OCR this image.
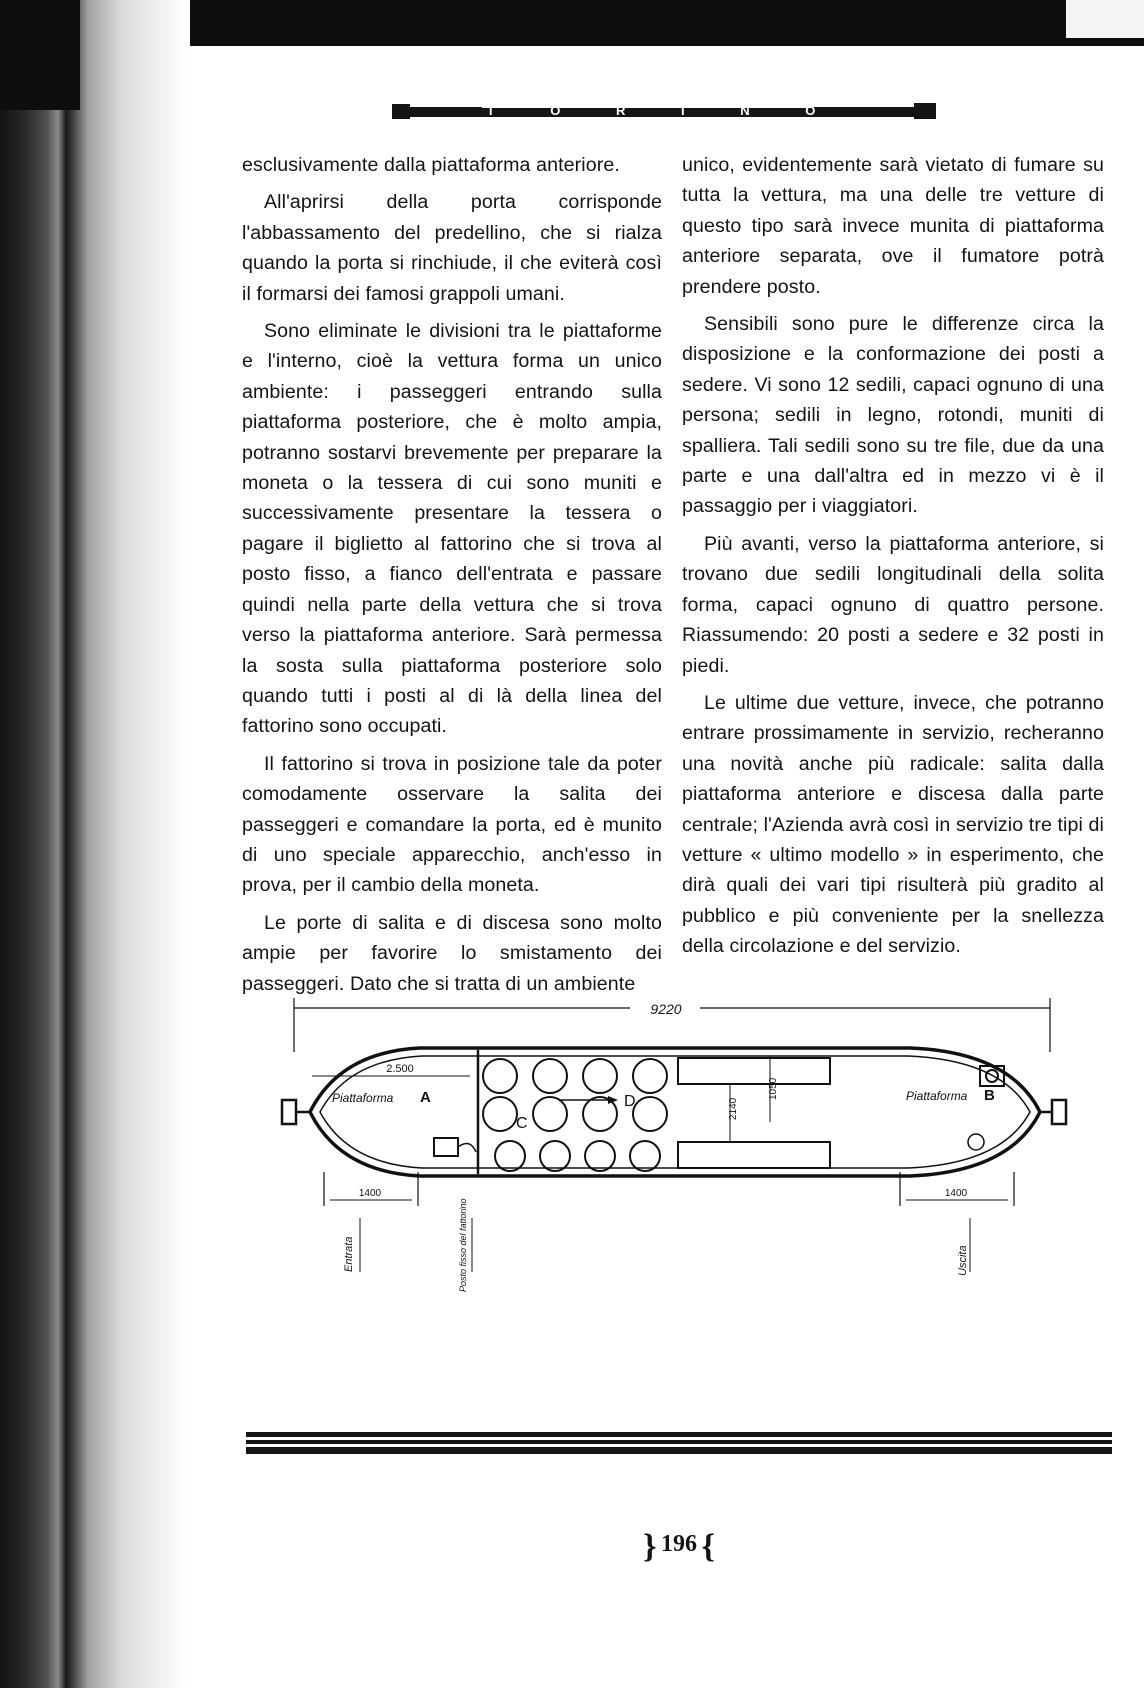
T O R I N O

esclusivamente dalla piattaforma anteriore.

All'aprirsi della porta corrisponde l'abbassamento del predellino, che si rialza quando la porta si rinchiude, il che eviterà così il formarsi dei famosi grappoli umani.

Sono eliminate le divisioni tra le piattaforme e l'interno, cioè la vettura forma un unico ambiente: i passeggeri entrando sulla piattaforma posteriore, che è molto ampia, potranno sostarvi brevemente per preparare la moneta o la tessera di cui sono muniti e successivamente presentare la tessera o pagare il biglietto al fattorino che si trova al posto fisso, a fianco dell'entrata e passare quindi nella parte della vettura che si trova verso la piattaforma anteriore. Sarà permessa la sosta sulla piattaforma posteriore solo quando tutti i posti al di là della linea del fattorino sono occupati.

Il fattorino si trova in posizione tale da poter comodamente osservare la salita dei passeggeri e comandare la porta, ed è munito di uno speciale apparecchio, anch'esso in prova, per il cambio della moneta.

Le porte di salita e di discesa sono molto ampie per favorire lo smistamento dei passeggeri. Dato che si tratta di un ambiente

unico, evidentemente sarà vietato di fumare su tutta la vettura, ma una delle tre vetture di questo tipo sarà invece munita di piattaforma anteriore separata, ove il fumatore potrà prendere posto.

Sensibili sono pure le differenze circa la disposizione e la conformazione dei posti a sedere. Vi sono 12 sedili, capaci ognuno di una persona; sedili in legno, rotondi, muniti di spalliera. Tali sedili sono su tre file, due da una parte e una dall'altra ed in mezzo vi è il passaggio per i viaggiatori.

Più avanti, verso la piattaforma anteriore, si trovano due sedili longitudinali della solita forma, capaci ognuno di quattro persone. Riassumendo: 20 posti a sedere e 32 posti in piedi.

Le ultime due vetture, invece, che potranno entrare prossimamente in servizio, recheranno una novità anche più radicale: salita dalla piattaforma anteriore e discesa dalla parte centrale; l'Azienda avrà così in servizio tre tipi di vetture « ultimo modello » in esperimento, che dirà quali dei vari tipi risulterà più gradito al pubblico e più conveniente per la snellezza della circolazione e del servizio.

9220
2.500
Piattaforma A	Piattaforma B
C
D	2140
1050
1400	1400
Entrata	Posto fisso del fattorino	Uscita
} 196 {
